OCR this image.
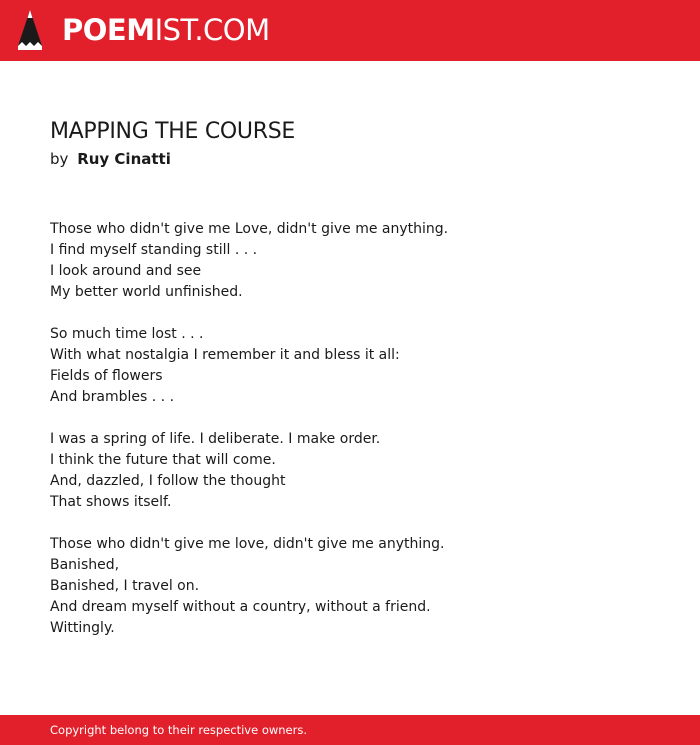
POEMIST.COM
MAPPING THE COURSE
by Ruy Cinatti
Those who didn't give me Love, didn't give me anything.
I find myself standing still . . .
I look around and see
My better world unfinished.
So much time lost . . .
With what nostalgia I remember it and bless it all:
Fields of flowers
And brambles . . .
I was a spring of life. I deliberate. I make order.
I think the future that will come.
And, dazzled, I follow the thought
That shows itself.
Those who didn't give me love, didn't give me anything.
Banished,
Banished, I travel on.
And dream myself without a country, without a friend.
Wittingly.
Copyright belong to their respective owners.
